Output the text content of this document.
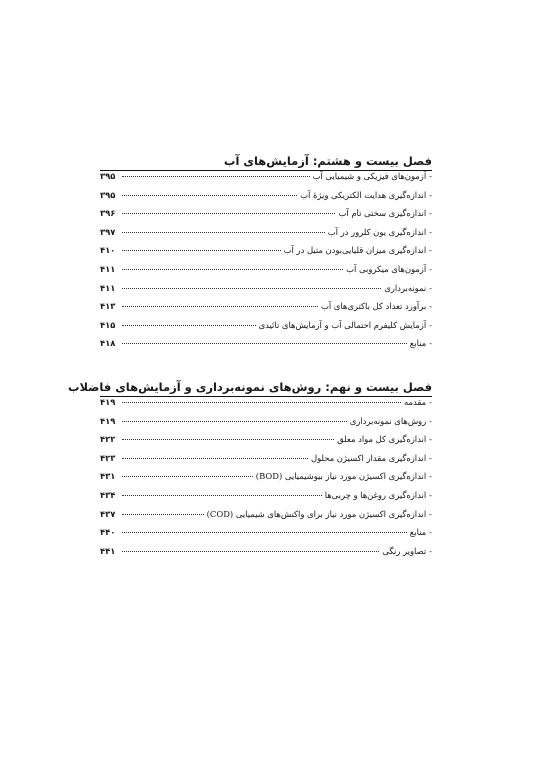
فصل بیست و هشتم: آزمایش‌های آب
-
آزمون‌های فیزیکی و شیمیایی آب
۳۹۵
-
اندازه‌گیری هدایت الکتریکی ویژهٔ آب
۳۹۵
-
اندازه‌گیری سختی تام آب
۳۹۶
-
اندازه‌گیری یون کلرور در آب
۳۹۷
-
اندازه‌گیری میزان قلیایی‌بودن متیل در آب
۴۱۰
-
آزمون‌های میکروبی آب
۴۱۱
-
نمونه‌برداری
۴۱۱
-
برآورد تعداد کل باکتری‌های آب
۴۱۳
-
آزمایش کلیفرم احتمالی آب و آزمایش‌های تائیدی
۴۱۵
-
منابع
۴۱۸
فصل بیست و نهم: روش‌های نمونه‌برداری و آزمایش‌های فاضلاب
-
مقدمه
۴۱۹
-
روش‌های نمونه‌برداری
۴۱۹
-
اندازه‌گیری کل مواد معلق
۴۲۲
-
اندازه‌گیری مقدار اکسیژن محلول
۴۲۳
-
اندازه‌گیری اکسیژن مورد نیاز بیوشیمیایی (BOD)
۴۳۱
-
اندازه‌گیری روغن‌ها و چربی‌ها
۴۳۴
-
اندازه‌گیری اکسیژن مورد نیاز برای واکنش‌های شیمیایی (COD)
۴۳۷
-
منابع
۴۴۰
-
تصاویر رنگی
۴۴۱
